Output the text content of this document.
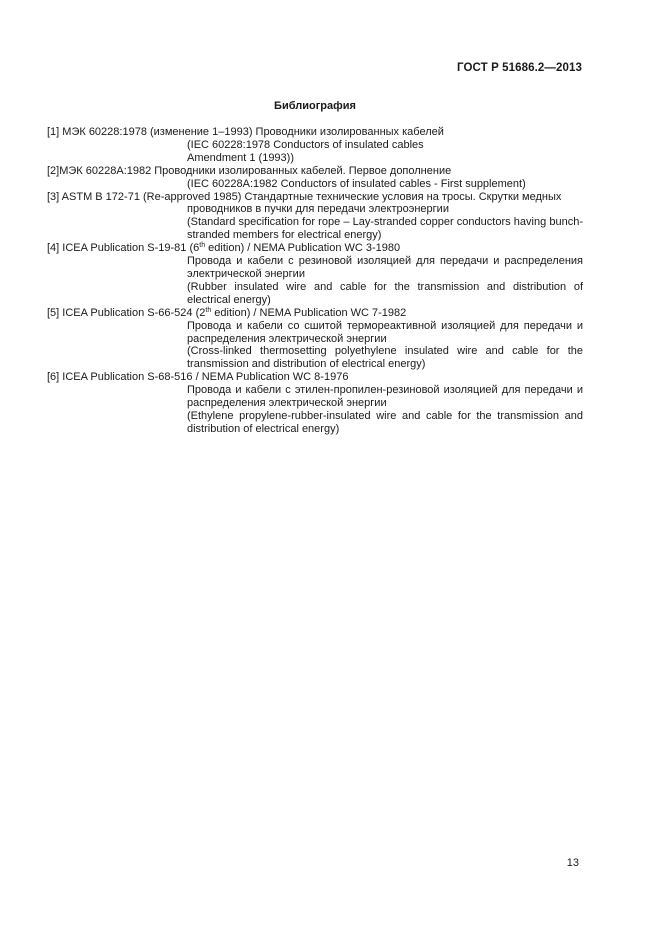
ГОСТ Р 51686.2—2013
Библиография
[1] МЭК 60228:1978 (изменение 1–1993) Проводники изолированных кабелей
(IEC 60228:1978 Conductors of insulated cables
Amendment 1 (1993))
[2]МЭК 60228А:1982 Проводники изолированных кабелей. Первое дополнение
(IEC 60228A:1982 Conductors of insulated cables - First supplement)
[3] ASTM B 172-71 (Re-approved 1985) Стандартные технические условия на тросы. Скрутки медных
проводников в пучки для передачи электроэнергии
(Standard specification for rope – Lay-stranded copper conductors having bunch-stranded members for electrical energy)
[4] ICEA Publication S-19-81 (6th edition) / NEMA Publication WC 3-1980
Провода и кабели с резиновой изоляцией для передачи и распределения электрической энергии
(Rubber insulated wire and cable for the transmission and distribution of electrical energy)
[5] ICEA Publication S-66-524 (2th edition) / NEMA Publication WC 7-1982
Провода и кабели со сшитой термореактивной изоляцией для передачи и распределения электрической энергии
(Cross-linked thermosetting polyethylene insulated wire and cable for the transmission and distribution of electrical energy)
[6] ICEA Publication S-68-516 / NEMA Publication WC 8-1976
Провода и кабели с этилен-пропилен-резиновой изоляцией для передачи и распределения электрической энергии
(Ethylene propylene-rubber-insulated wire and cable for the transmission and distribution of electrical energy)
13
